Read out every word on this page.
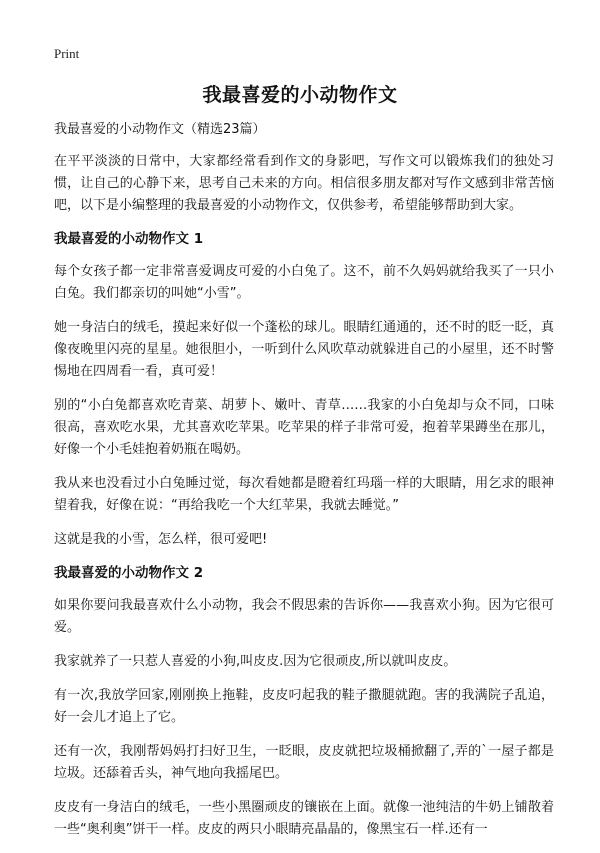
Print
我最喜爱的小动物作文
我最喜爱的小动物作文（精选23篇）

在平平淡淡的日常中，大家都经常看到作文的身影吧，写作文可以锻炼我们的独处习惯，让自己的心静下来，思考自己未来的方向。相信很多朋友都对写作文感到非常苦恼吧，以下是小编整理的我最喜爱的小动物作文，仅供参考，希望能够帮助到大家。

我最喜爱的小动物作文 1

每个女孩子都一定非常喜爱调皮可爱的小白兔了。这不，前不久妈妈就给我买了一只小白兔。我们都亲切的叫她“小雪”。

她一身洁白的绒毛，摸起来好似一个蓬松的球儿。眼睛红通通的，还不时的眨一眨，真像夜晚里闪亮的星星。她很胆小，一听到什么风吹草动就躲进自己的小屋里，还不时警惕地在四周看一看，真可爱！

别的“小白兔都喜欢吃青菜、胡萝卜、嫩叶、青草……我家的小白兔却与众不同，口味很高，喜欢吃水果，尤其喜欢吃苹果。吃苹果的样子非常可爱，抱着苹果蹲坐在那儿，好像一个小毛娃抱着奶瓶在喝奶。

我从来也没看过小白兔睡过觉，每次看她都是瞪着红玛瑙一样的大眼睛，用乞求的眼神望着我，好像在说：“再给我吃一个大红苹果，我就去睡觉。”

这就是我的小雪，怎么样，很可爱吧!

我最喜爱的小动物作文 2

如果你要问我最喜欢什么小动物，我会不假思索的告诉你——我喜欢小狗。因为它很可爱。

我家就养了一只惹人喜爱的小狗,叫皮皮.因为它很顽皮,所以就叫皮皮。

有一次,我放学回家,刚刚换上拖鞋，皮皮叼起我的鞋子撒腿就跑。害的我满院子乱追，好一会儿才追上了它。

还有一次，我刚帮妈妈打扫好卫生，一眨眼，皮皮就把垃圾桶掀翻了,弄的`一屋子都是垃圾。还舔着舌头，神气地向我摇尾巴。

皮皮有一身洁白的绒毛，一些小黑圈顽皮的镶嵌在上面。就像一池纯洁的牛奶上铺散着一些“奥利奥”饼干一样。皮皮的两只小眼睛亮晶晶的，像黑宝石一样.还有一
